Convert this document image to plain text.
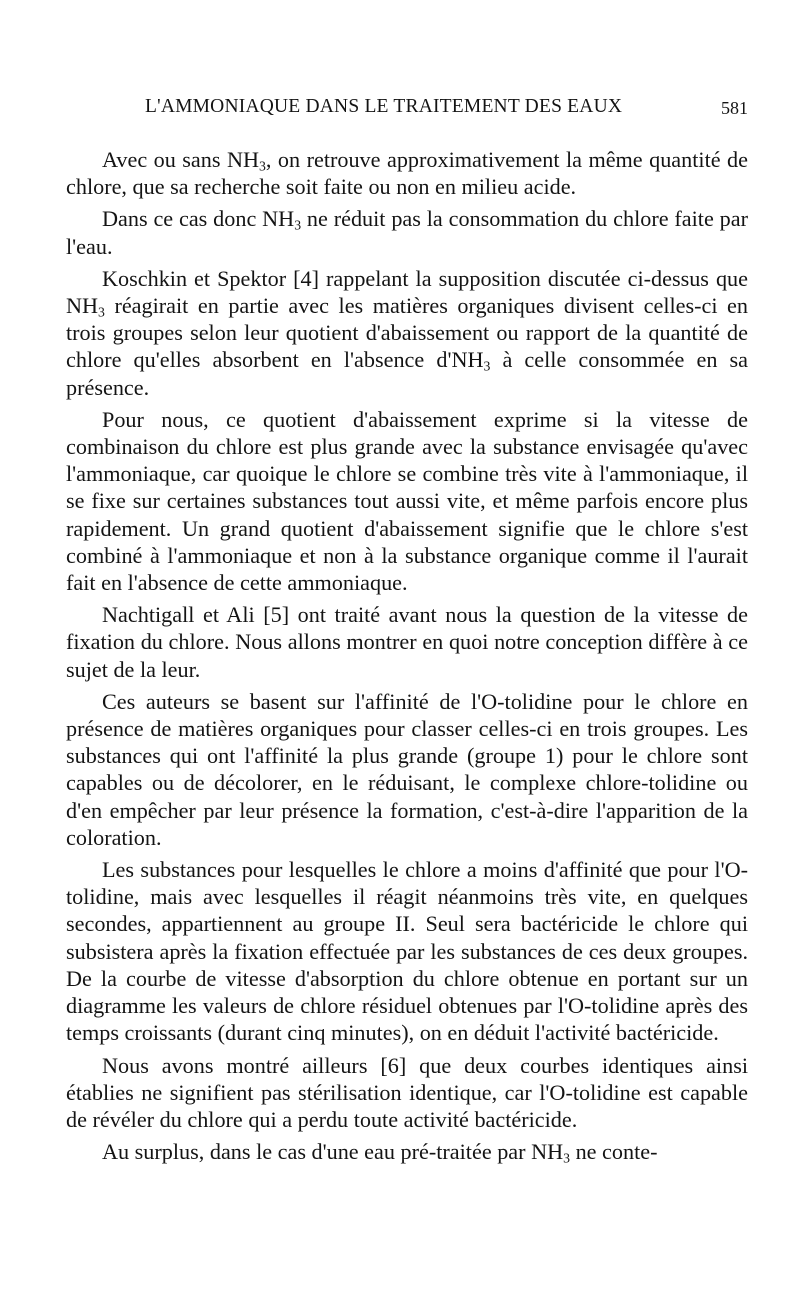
L'AMMONIAQUE DANS LE TRAITEMENT DES EAUX	581

Avec ou sans $NH_3$, on retrouve approximativement la même quantité de chlore, que sa recherche soit faite ou non en milieu acide.

Dans ce cas donc $NH_3$ ne réduit pas la consommation du chlore faite par l'eau.

Koschkin et Spektor [4] rappelant la supposition discutée ci-dessus que $NH_3$ réagirait en partie avec les matières organiques divisent celles-ci en trois groupes selon leur quotient d'abaissement ou rapport de la quantité de chlore qu'elles absorbent en l'absence $d'NH_3$ à celle consommée en sa présence.

Pour nous, ce quotient d'abaissement exprime si la vitesse de combinaison du chlore est plus grande avec la substance envisagée qu'avec l'ammoniaque, car quoique le chlore se combine très vite à l'ammoniaque, il se fixe sur certaines substances tout aussi vite, et même parfois encore plus rapidement. Un grand quotient d'abaissement signifie que le chlore s'est combiné à l'ammoniaque et non à la substance organique comme il l'aurait fait en l'absence de cette ammoniaque.

Nachtigall et Ali [5] ont traité avant nous la question de la vitesse de fixation du chlore. Nous allons montrer en quoi notre conception diffère à ce sujet de la leur.

Ces auteurs se basent sur l'affinité de l'O-tolidine pour le chlore en présence de matières organiques pour classer celles-ci en trois groupes. Les substances qui ont l'affinité la plus grande (groupe 1) pour le chlore sont capables ou de décolorer, en le réduisant, le complexe chlore-tolidine ou d'en empêcher par leur présence la formation, c'est-à-dire l'apparition de la coloration.

Les substances pour lesquelles le chlore a moins d'affinité que pour l'O-tolidine, mais avec lesquelles il réagit néanmoins très vite, en quelques secondes, appartiennent au groupe II. Seul sera bactéricide le chlore qui subsistera après la fixation effectuée par les substances de ces deux groupes. De la courbe de vitesse d'absorption du chlore obtenue en portant sur un diagramme les valeurs de chlore résiduel obtenues par l'O-tolidine après des temps croissants (durant cinq minutes), on en déduit l'activité bactéricide.

Nous avons montré ailleurs [6] que deux courbes identiques ainsi établies ne signifient pas stérilisation identique, car l'O-tolidine est capable de révéler du chlore qui a perdu toute activité bactéricide.

Au surplus, dans le cas d'une eau pré-traitée par $NH_3$ ne conte-
